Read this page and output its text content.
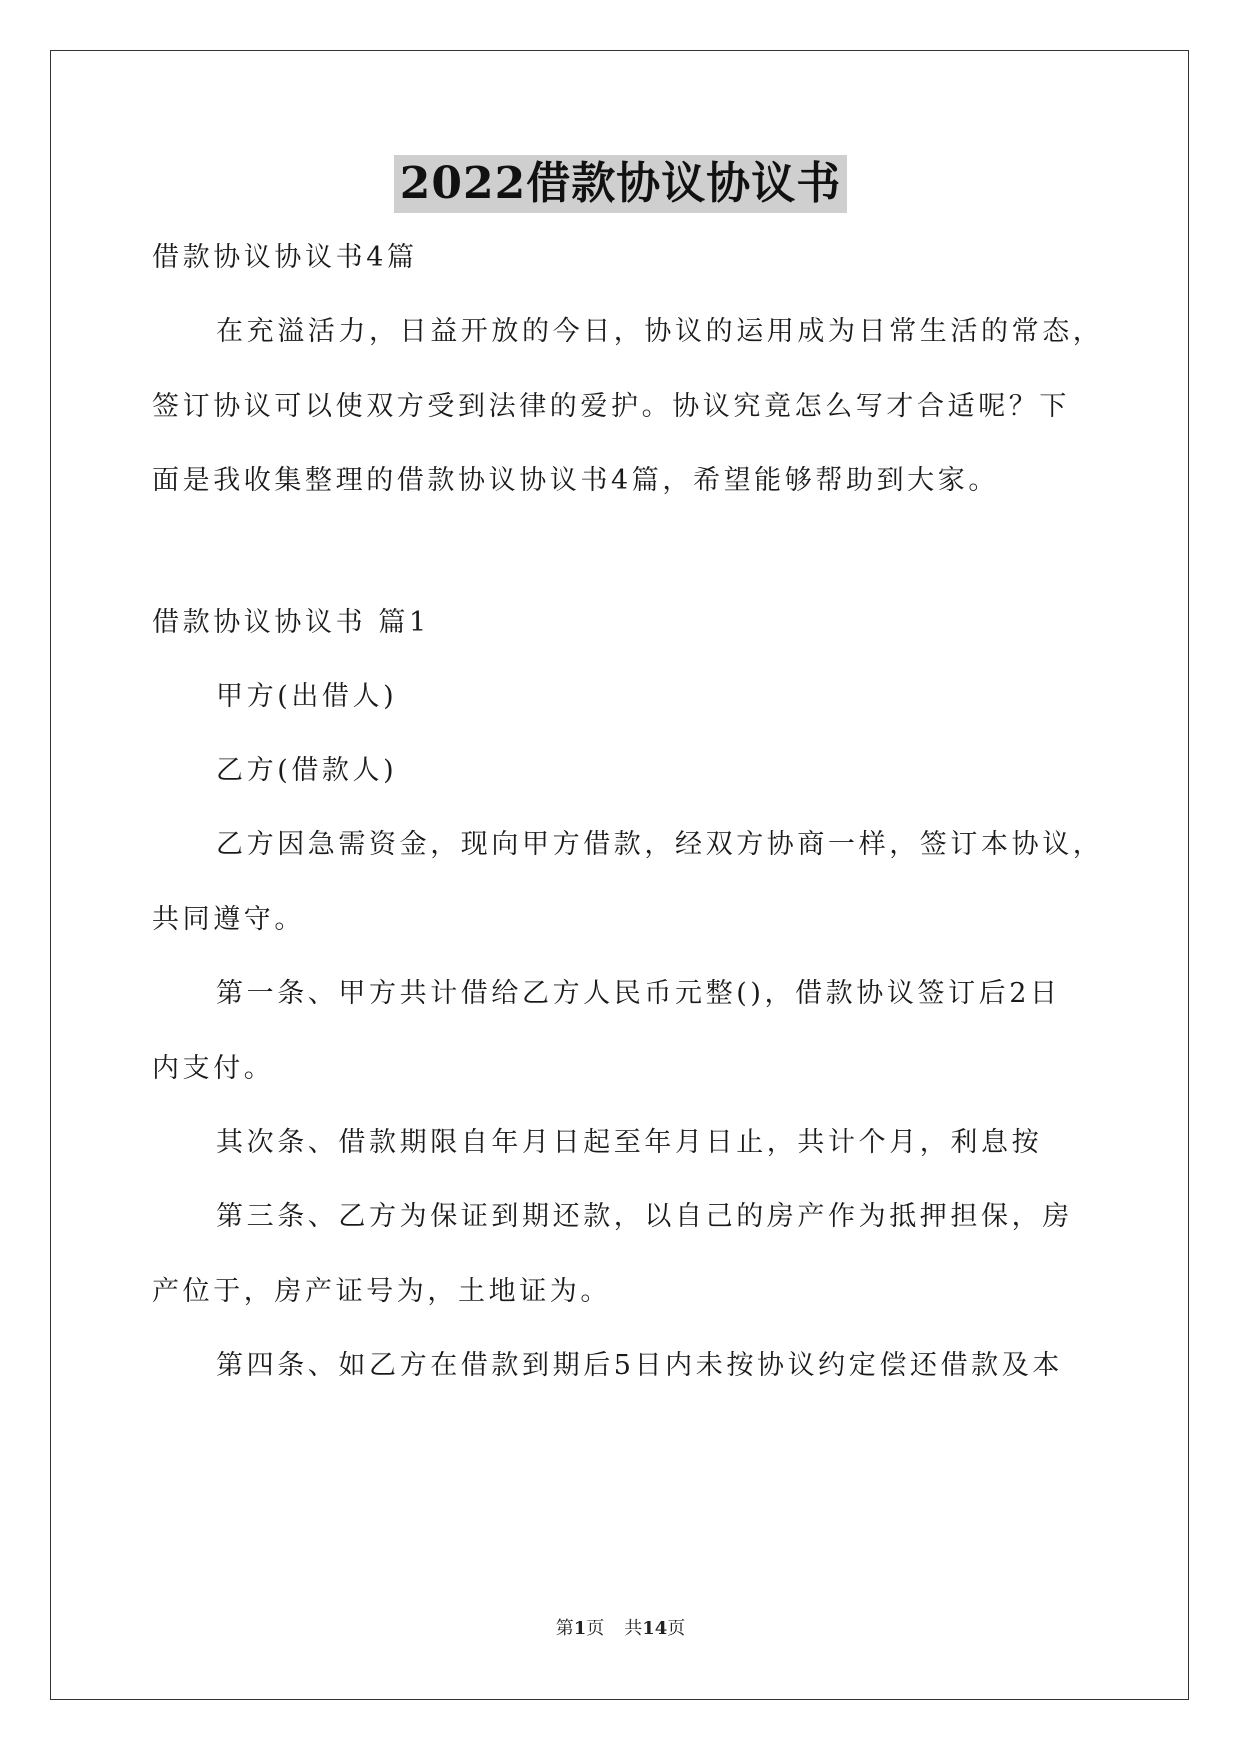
2022借款协议协议书
借款协议协议书4篇
在充溢活力，日益开放的今日，协议的运用成为日常生活的常态，
签订协议可以使双方受到法律的爱护。协议究竟怎么写才合适呢？下
面是我收集整理的借款协议协议书4篇，希望能够帮助到大家。
借款协议协议书 篇1
甲方(出借人)
乙方(借款人)
乙方因急需资金，现向甲方借款，经双方协商一样，签订本协议，
共同遵守。
第一条、甲方共计借给乙方人民币元整()，借款协议签订后2日
内支付。
其次条、借款期限自年月日起至年月日止，共计个月，利息按
第三条、乙方为保证到期还款，以自己的房产作为抵押担保，房
产位于，房产证号为，土地证为。
第四条、如乙方在借款到期后5日内未按协议约定偿还借款及本
第1页 共14页
